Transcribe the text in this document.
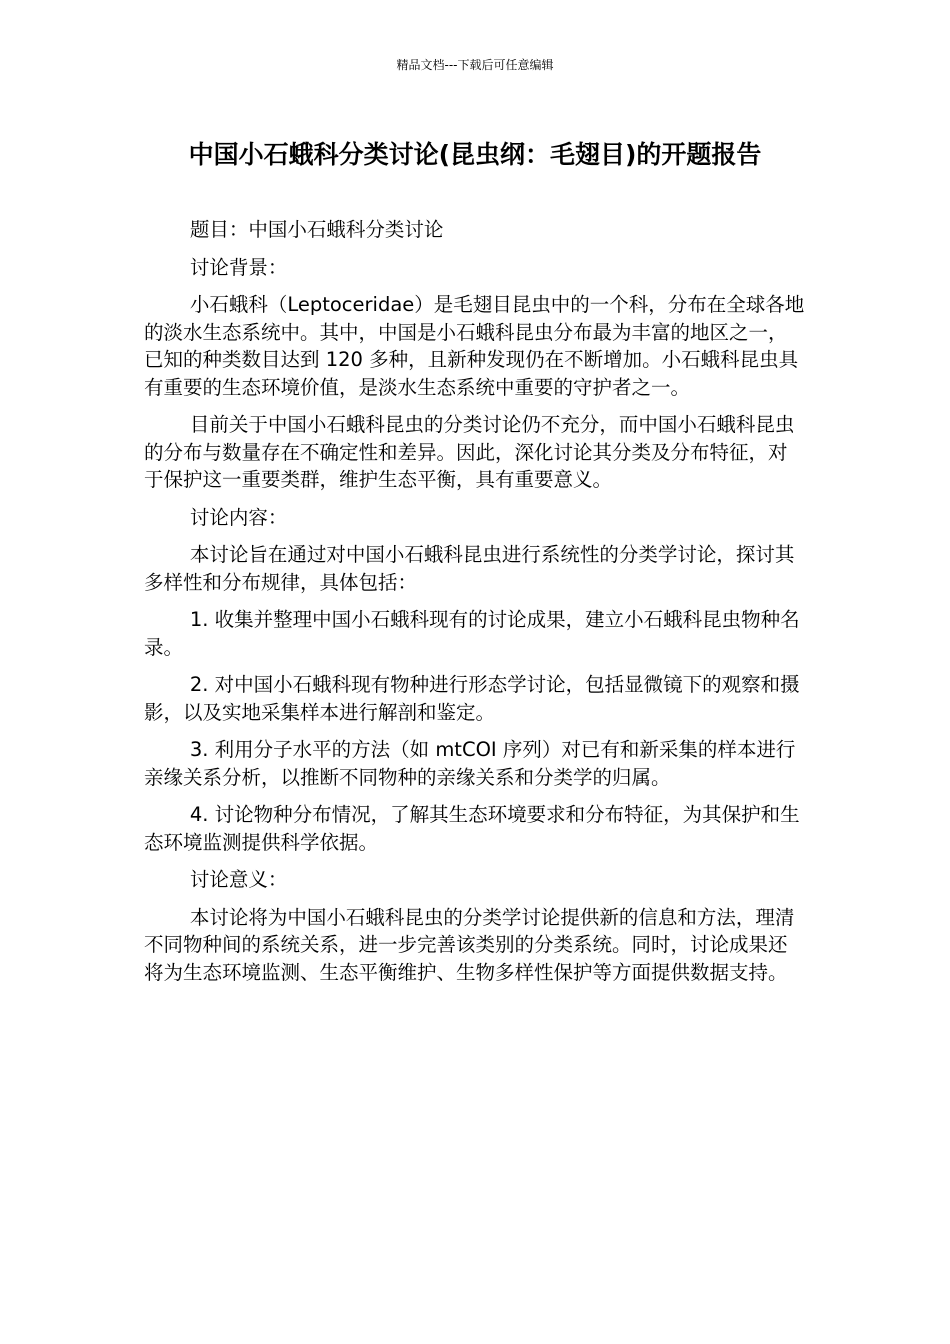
精品文档---下载后可任意编辑
中国小石蛾科分类讨论(昆虫纲：毛翅目)的开题报告

题目：中国小石蛾科分类讨论

讨论背景：

小石蛾科（Leptoceridae）是毛翅目昆虫中的一个科，分布在全球各地的淡水生态系统中。其中，中国是小石蛾科昆虫分布最为丰富的地区之一，已知的种类数目达到 120 多种，且新种发现仍在不断增加。小石蛾科昆虫具有重要的生态环境价值，是淡水生态系统中重要的守护者之一。

目前关于中国小石蛾科昆虫的分类讨论仍不充分，而中国小石蛾科昆虫的分布与数量存在不确定性和差异。因此，深化讨论其分类及分布特征，对于保护这一重要类群，维护生态平衡，具有重要意义。

讨论内容：

本讨论旨在通过对中国小石蛾科昆虫进行系统性的分类学讨论，探讨其多样性和分布规律，具体包括：

1. 收集并整理中国小石蛾科现有的讨论成果，建立小石蛾科昆虫物种名录。

2. 对中国小石蛾科现有物种进行形态学讨论，包括显微镜下的观察和摄影，以及实地采集样本进行解剖和鉴定。

3. 利用分子水平的方法（如 mtCOI 序列）对已有和新采集的样本进行亲缘关系分析，以推断不同物种的亲缘关系和分类学的归属。

4. 讨论物种分布情况，了解其生态环境要求和分布特征，为其保护和生态环境监测提供科学依据。

讨论意义：

本讨论将为中国小石蛾科昆虫的分类学讨论提供新的信息和方法，理清不同物种间的系统关系，进一步完善该类别的分类系统。同时，讨论成果还将为生态环境监测、生态平衡维护、生物多样性保护等方面提供数据支持。
